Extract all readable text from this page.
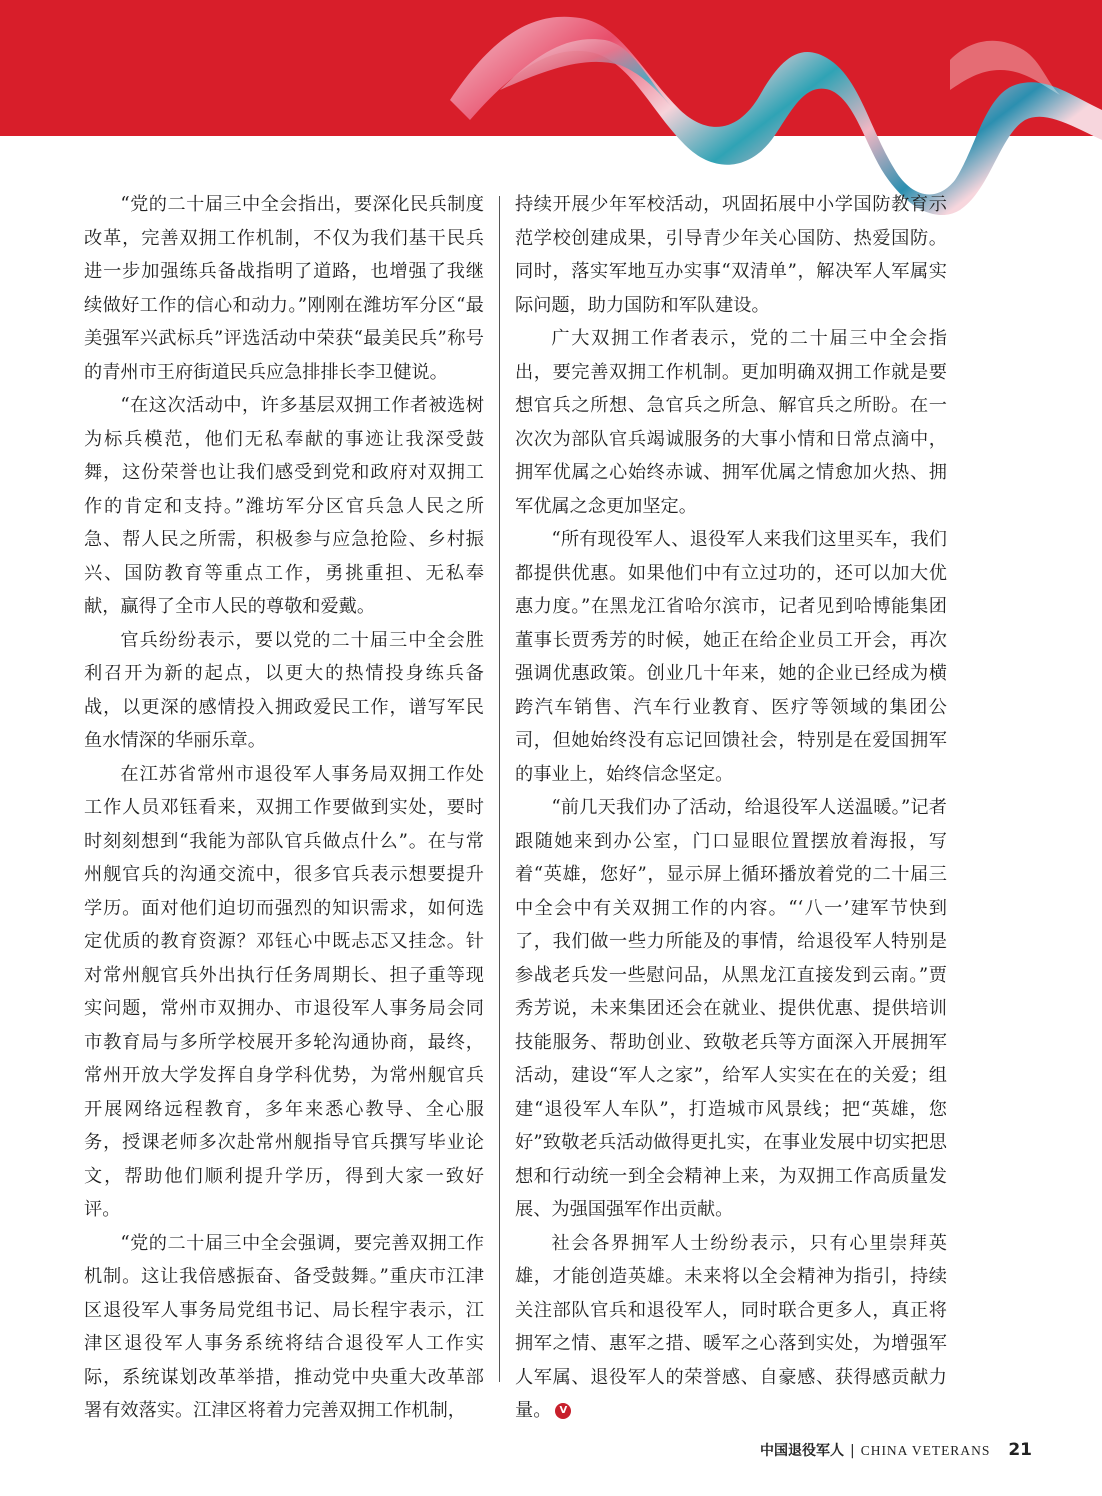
“党的二十届三中全会指出，要深化民兵制度改革，完善双拥工作机制，不仅为我们基干民兵进一步加强练兵备战指明了道路，也增强了我继续做好工作的信心和动力。”刚刚在潍坊军分区“最美强军兴武标兵”评选活动中荣获“最美民兵”称号的青州市王府街道民兵应急排排长李卫健说。

“在这次活动中，许多基层双拥工作者被选树为标兵模范，他们无私奉献的事迹让我深受鼓舞，这份荣誉也让我们感受到党和政府对双拥工作的肯定和支持。”潍坊军分区官兵急人民之所急、帮人民之所需，积极参与应急抢险、乡村振兴、国防教育等重点工作，勇挑重担、无私奉献，赢得了全市人民的尊敬和爱戴。

官兵纷纷表示，要以党的二十届三中全会胜利召开为新的起点，以更大的热情投身练兵备战，以更深的感情投入拥政爱民工作，谱写军民鱼水情深的华丽乐章。

在江苏省常州市退役军人事务局双拥工作处工作人员邓钰看来，双拥工作要做到实处，要时时刻刻想到“我能为部队官兵做点什么”。在与常州舰官兵的沟通交流中，很多官兵表示想要提升学历。面对他们迫切而强烈的知识需求，如何选定优质的教育资源？邓钰心中既忐忑又挂念。针对常州舰官兵外出执行任务周期长、担子重等现实问题，常州市双拥办、市退役军人事务局会同市教育局与多所学校展开多轮沟通协商，最终，常州开放大学发挥自身学科优势，为常州舰官兵开展网络远程教育，多年来悉心教导、全心服务，授课老师多次赴常州舰指导官兵撰写毕业论文，帮助他们顺利提升学历，得到大家一致好评。

“党的二十届三中全会强调，要完善双拥工作机制。这让我倍感振奋、备受鼓舞。”重庆市江津区退役军人事务局党组书记、局长程宇表示，江津区退役军人事务系统将结合退役军人工作实际，系统谋划改革举措，推动党中央重大改革部署有效落实。江津区将着力完善双拥工作机制，

持续开展少年军校活动，巩固拓展中小学国防教育示范学校创建成果，引导青少年关心国防、热爱国防。同时，落实军地互办实事“双清单”，解决军人军属实际问题，助力国防和军队建设。

广大双拥工作者表示，党的二十届三中全会指出，要完善双拥工作机制。更加明确双拥工作就是要想官兵之所想、急官兵之所急、解官兵之所盼。在一次次为部队官兵竭诚服务的大事小情和日常点滴中，拥军优属之心始终赤诚、拥军优属之情愈加火热、拥军优属之念更加坚定。

“所有现役军人、退役军人来我们这里买车，我们都提供优惠。如果他们中有立过功的，还可以加大优惠力度。”在黑龙江省哈尔滨市，记者见到哈博能集团董事长贾秀芳的时候，她正在给企业员工开会，再次强调优惠政策。创业几十年来，她的企业已经成为横跨汽车销售、汽车行业教育、医疗等领域的集团公司，但她始终没有忘记回馈社会，特别是在爱国拥军的事业上，始终信念坚定。

“前几天我们办了活动，给退役军人送温暖。”记者跟随她来到办公室，门口显眼位置摆放着海报，写着“英雄，您好”，显示屏上循环播放着党的二十届三中全会中有关双拥工作的内容。“‘八一’建军节快到了，我们做一些力所能及的事情，给退役军人特别是参战老兵发一些慰问品，从黑龙江直接发到云南。”贾秀芳说，未来集团还会在就业、提供优惠、提供培训技能服务、帮助创业、致敬老兵等方面深入开展拥军活动，建设“军人之家”，给军人实实在在的关爱；组建“退役军人车队”，打造城市风景线；把“英雄，您好”致敬老兵活动做得更扎实，在事业发展中切实把思想和行动统一到全会精神上来，为双拥工作高质量发展、为强国强军作出贡献。

社会各界拥军人士纷纷表示，只有心里崇拜英雄，才能创造英雄。未来将以全会精神为指引，持续关注部队官兵和退役军人，同时联合更多人，真正将拥军之情、惠军之措、暖军之心落到实处，为增强军人军属、退役军人的荣誉感、自豪感、获得感贡献力量。 V

中国退役军人 | CHINA VETERANS 21
